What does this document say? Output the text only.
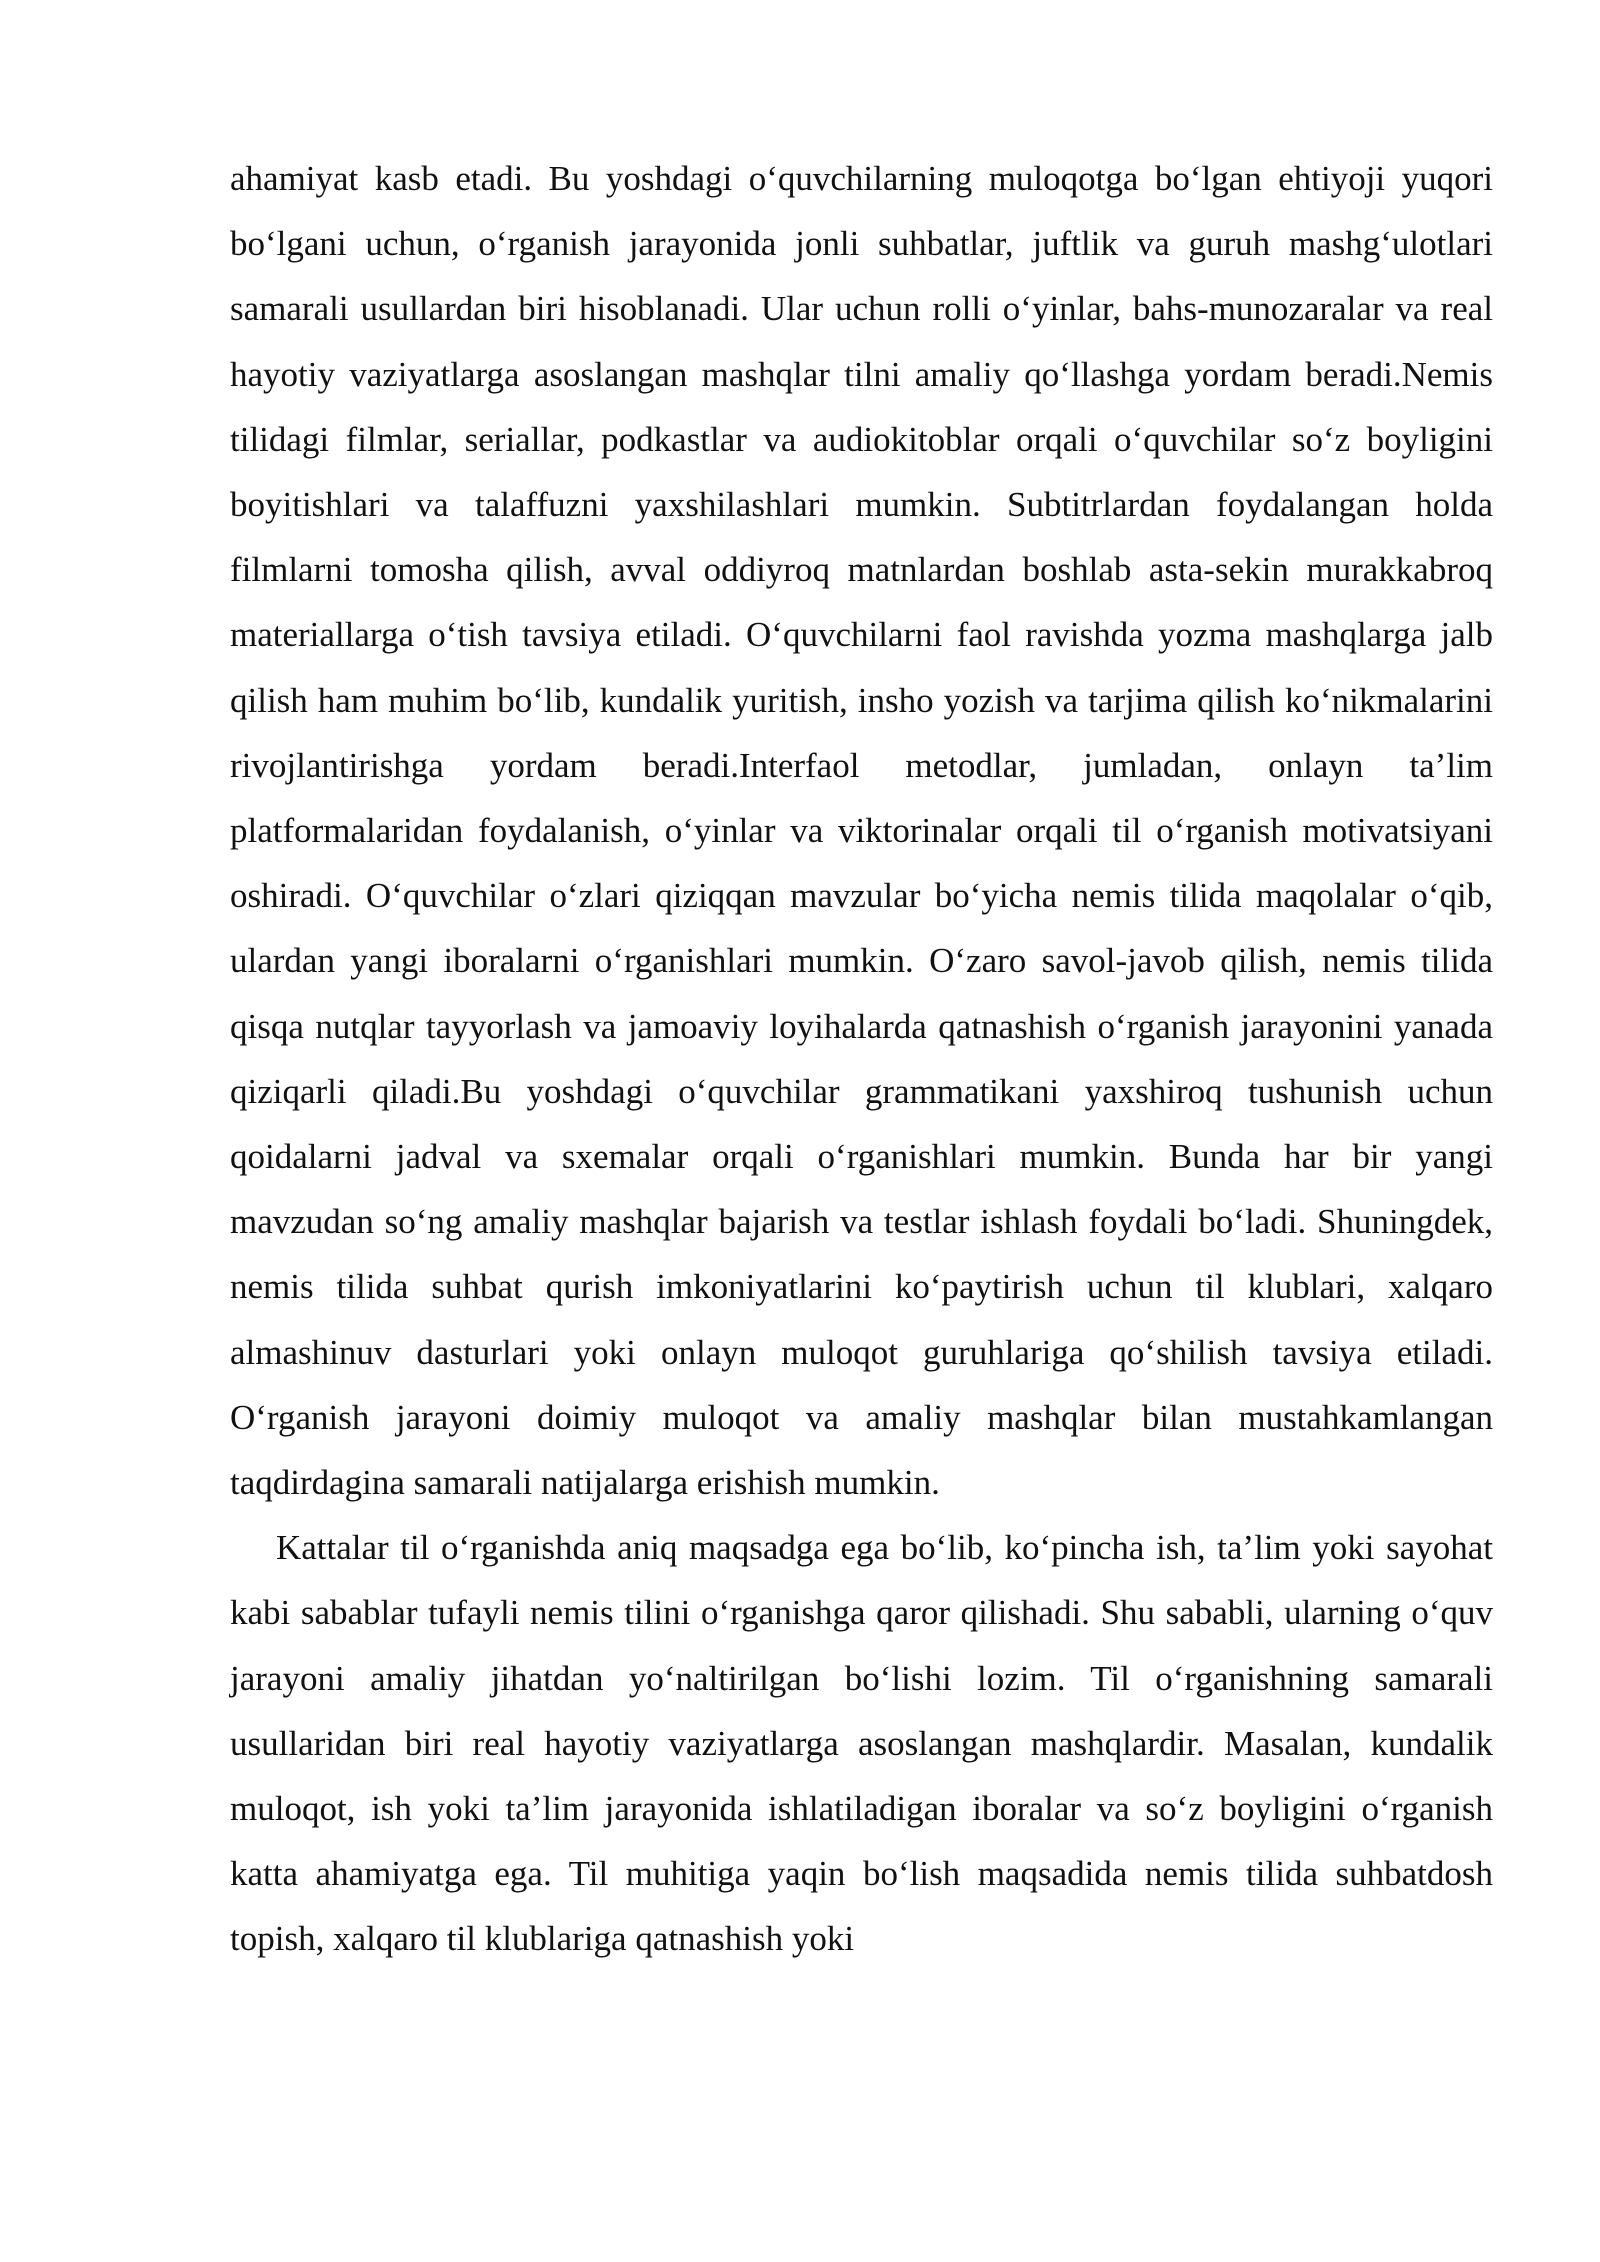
ahamiyat kasb etadi. Bu yoshdagi o‘quvchilarning muloqotga bo‘lgan ehtiyoji yuqori bo‘lgani uchun, o‘rganish jarayonida jonli suhbatlar, juftlik va guruh mashg‘ulotlari samarali usullardan biri hisoblanadi. Ular uchun rolli o‘yinlar, bahs-munozaralar va real hayotiy vaziyatlarga asoslangan mashqlar tilni amaliy qo‘llashga yordam beradi.Nemis tilidagi filmlar, seriallar, podkastlar va audiokitoblar orqali o‘quvchilar so‘z boyligini boyitishlari va talaffuzni yaxshilashlari mumkin. Subtitrlardan foydalangan holda filmlarni tomosha qilish, avval oddiyroq matnlardan boshlab asta-sekin murakkabroq materiallarga o‘tish tavsiya etiladi. O‘quvchilarni faol ravishda yozma mashqlarga jalb qilish ham muhim bo‘lib, kundalik yuritish, insho yozish va tarjima qilish ko‘nikmalarini rivojlantirishga yordam beradi.Interfaol metodlar, jumladan, onlayn ta’lim platformalaridan foydalanish, o‘yinlar va viktorinalar orqali til o‘rganish motivatsiyani oshiradi. O‘quvchilar o‘zlari qiziqqan mavzular bo‘yicha nemis tilida maqolalar o‘qib, ulardan yangi iboralarni o‘rganishlari mumkin. O‘zaro savol-javob qilish, nemis tilida qisqa nutqlar tayyorlash va jamoaviy loyihalarda qatnashish o‘rganish jarayonini yanada qiziqarli qiladi.Bu yoshdagi o‘quvchilar grammatikani yaxshiroq tushunish uchun qoidalarni jadval va sxemalar orqali o‘rganishlari mumkin. Bunda har bir yangi mavzudan so‘ng amaliy mashqlar bajarish va testlar ishlash foydali bo‘ladi. Shuningdek, nemis tilida suhbat qurish imkoniyatlarini ko‘paytirish uchun til klublari, xalqaro almashinuv dasturlari yoki onlayn muloqot guruhlariga qo‘shilish tavsiya etiladi. O‘rganish jarayoni doimiy muloqot va amaliy mashqlar bilan mustahkamlangan taqdirdagina samarali natijalarga erishish mumkin.

Kattalar til o‘rganishda aniq maqsadga ega bo‘lib, ko‘pincha ish, ta’lim yoki sayohat kabi sabablar tufayli nemis tilini o‘rganishga qaror qilishadi. Shu sababli, ularning o‘quv jarayoni amaliy jihatdan yo‘naltirilgan bo‘lishi lozim. Til o‘rganishning samarali usullaridan biri real hayotiy vaziyatlarga asoslangan mashqlardir. Masalan, kundalik muloqot, ish yoki ta’lim jarayonida ishlatiladigan iboralar va so‘z boyligini o‘rganish katta ahamiyatga ega. Til muhitiga yaqin bo‘lish maqsadida nemis tilida suhbatdosh topish, xalqaro til klublariga qatnashish yoki
